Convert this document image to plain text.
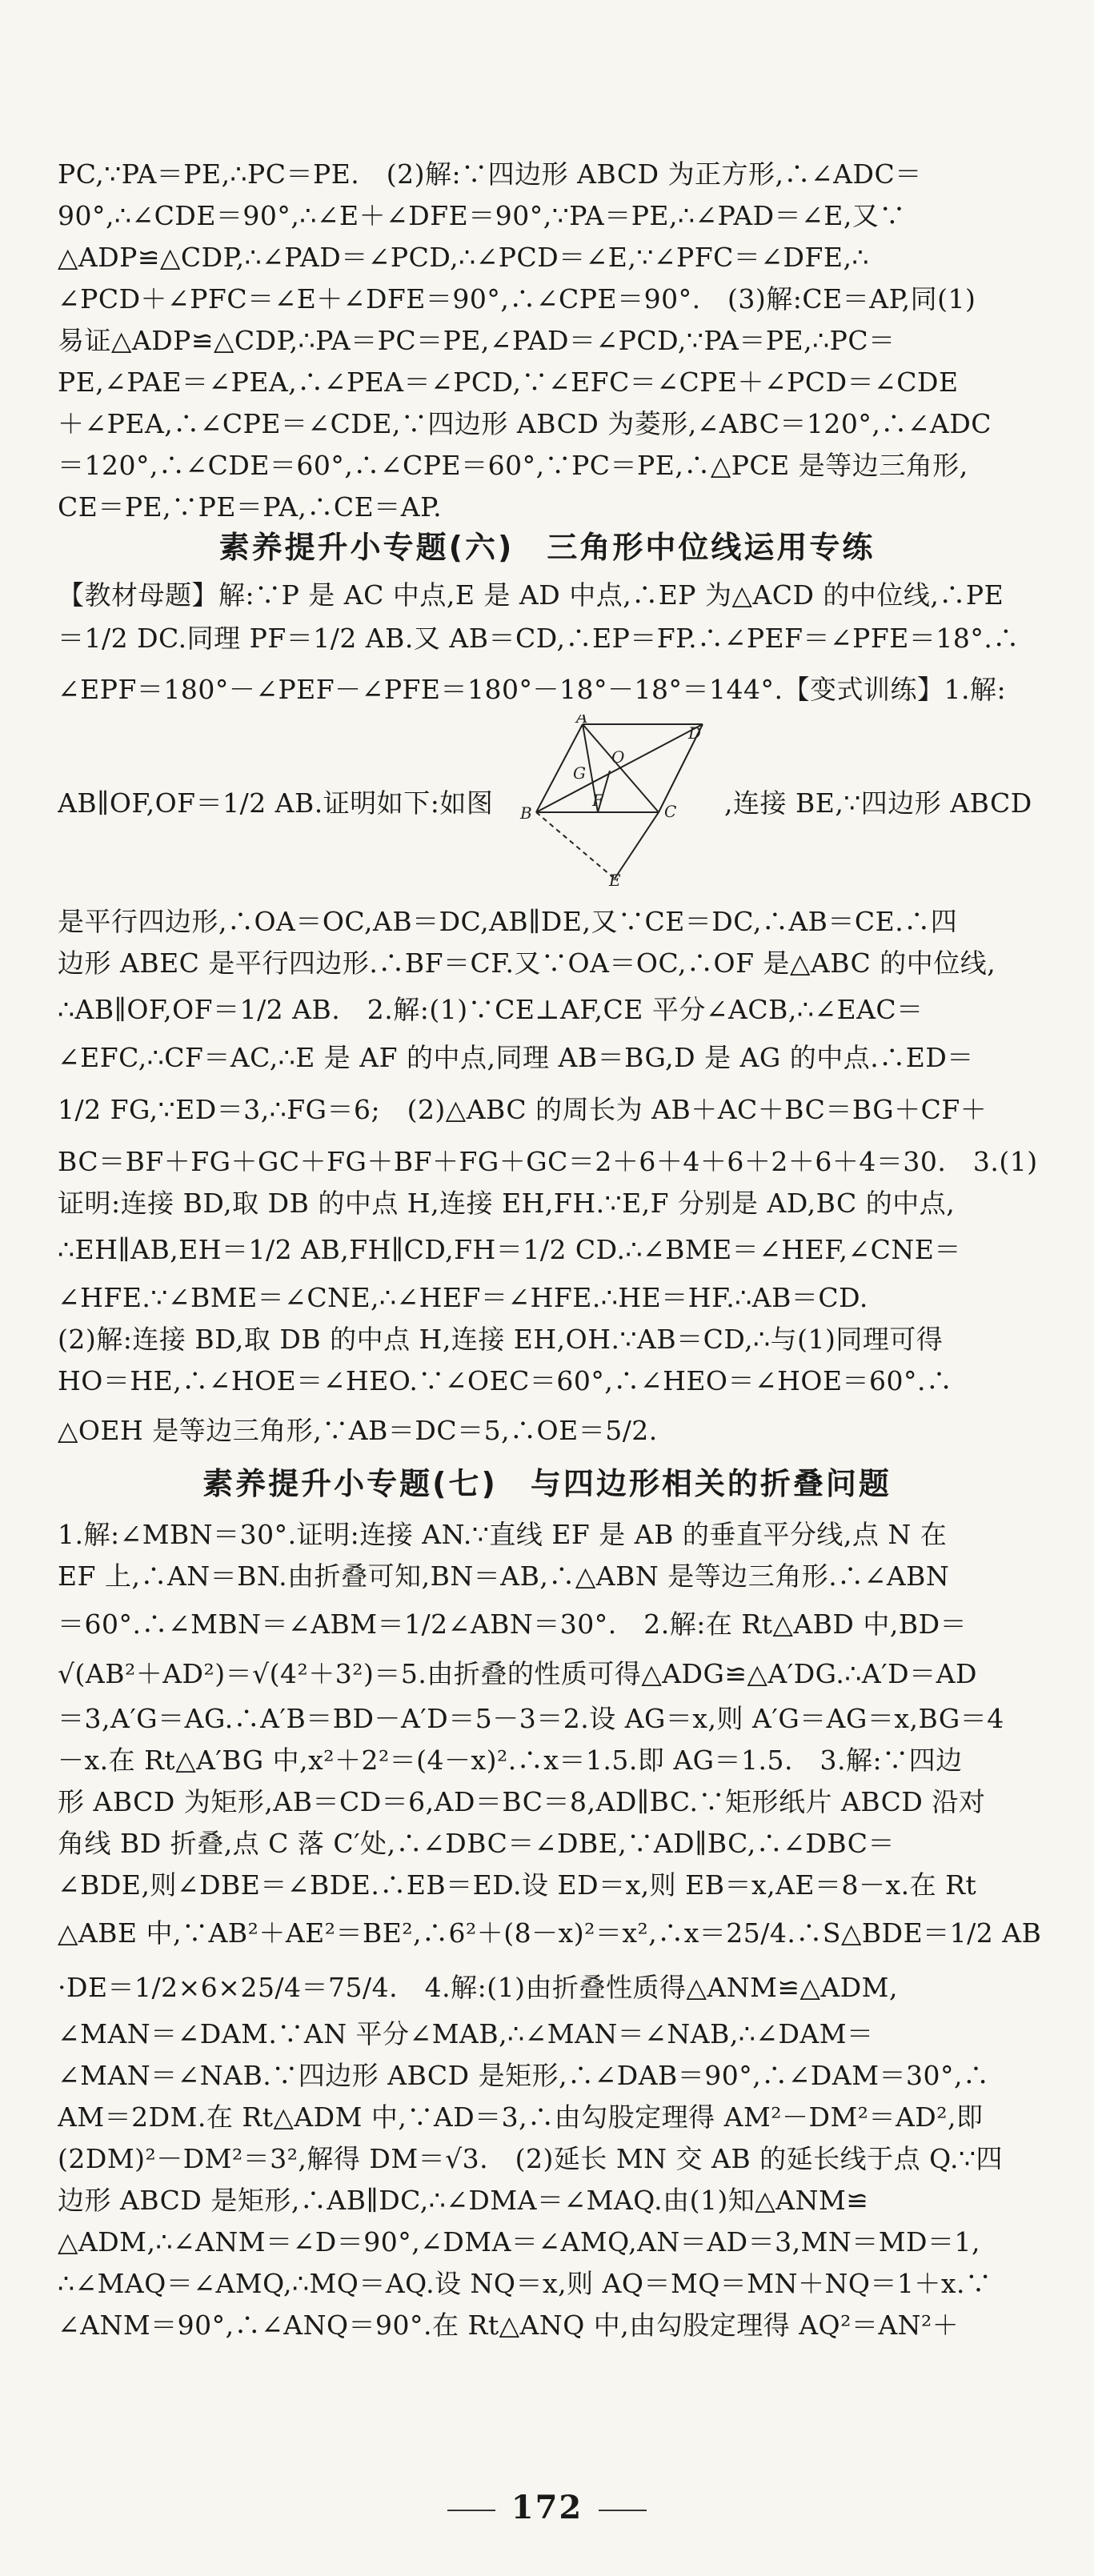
PC,∵PA＝PE,∴PC＝PE.　(2)解:∵四边形 ABCD 为正方形,∴∠ADC＝
90°,∴∠CDE＝90°,∴∠E＋∠DFE＝90°,∵PA＝PE,∴∠PAD＝∠E,又∵
△ADP≌△CDP,∴∠PAD＝∠PCD,∴∠PCD＝∠E,∵∠PFC＝∠DFE,∴
∠PCD＋∠PFC＝∠E＋∠DFE＝90°,∴∠CPE＝90°.　(3)解:CE＝AP,同(1)
易证△ADP≌△CDP,∴PA＝PC＝PE,∠PAD＝∠PCD,∵PA＝PE,∴PC＝
PE,∠PAE＝∠PEA,∴∠PEA＝∠PCD,∵∠EFC＝∠CPE＋∠PCD＝∠CDE
＋∠PEA,∴∠CPE＝∠CDE,∵四边形 ABCD 为菱形,∠ABC＝120°,∴∠ADC
＝120°,∴∠CDE＝60°,∴∠CPE＝60°,∵PC＝PE,∴△PCE 是等边三角形,
CE＝PE,∵PE＝PA,∴CE＝AP.
素养提升小专题(六)　三角形中位线运用专练
【教材母题】解:∵P 是 AC 中点,E 是 AD 中点,∴EP 为△ACD 的中位线,∴PE
＝1/2 DC.同理 PF＝1/2 AB.又 AB＝CD,∴EP＝FP.∴∠PEF＝∠PFE＝18°.∴
∠EPF＝180°－∠PEF－∠PFE＝180°－18°－18°＝144°.【变式训练】1.解:
AB∥OF,OF＝1/2 AB.证明如下:如图
A
D
B	C
E
F
G
O
,连接 BE,∵四边形 ABCD
是平行四边形,∴OA＝OC,AB＝DC,AB∥DE,又∵CE＝DC,∴AB＝CE.∴四
边形 ABEC 是平行四边形.∴BF＝CF.又∵OA＝OC,∴OF 是△ABC 的中位线,
∴AB∥OF,OF＝1/2 AB.　2.解:(1)∵CE⊥AF,CE 平分∠ACB,∴∠EAC＝
∠EFC,∴CF＝AC,∴E 是 AF 的中点,同理 AB＝BG,D 是 AG 的中点.∴ED＝
1/2 FG,∵ED＝3,∴FG＝6;　(2)△ABC 的周长为 AB＋AC＋BC＝BG＋CF＋
BC＝BF＋FG＋GC＋FG＋BF＋FG＋GC＝2＋6＋4＋6＋2＋6＋4＝30.　3.(1)
证明:连接 BD,取 DB 的中点 H,连接 EH,FH.∵E,F 分别是 AD,BC 的中点,
∴EH∥AB,EH＝1/2 AB,FH∥CD,FH＝1/2 CD.∴∠BME＝∠HEF,∠CNE＝
∠HFE.∵∠BME＝∠CNE,∴∠HEF＝∠HFE.∴HE＝HF.∴AB＝CD.
(2)解:连接 BD,取 DB 的中点 H,连接 EH,OH.∵AB＝CD,∴与(1)同理可得
HO＝HE,∴∠HOE＝∠HEO.∵∠OEC＝60°,∴∠HEO＝∠HOE＝60°.∴
△OEH 是等边三角形,∵AB＝DC＝5,∴OE＝5/2.
素养提升小专题(七)　与四边形相关的折叠问题
1.解:∠MBN＝30°.证明:连接 AN.∵直线 EF 是 AB 的垂直平分线,点 N 在
EF 上,∴AN＝BN.由折叠可知,BN＝AB,∴△ABN 是等边三角形.∴∠ABN
＝60°.∴∠MBN＝∠ABM＝1/2∠ABN＝30°.　2.解:在 Rt△ABD 中,BD＝
√(AB²＋AD²)＝√(4²＋3²)＝5.由折叠的性质可得△ADG≌△A′DG.∴A′D＝AD
＝3,A′G＝AG.∴A′B＝BD－A′D＝5－3＝2.设 AG＝x,则 A′G＝AG＝x,BG＝4
－x.在 Rt△A′BG 中,x²＋2²＝(4－x)².∴x＝1.5.即 AG＝1.5.　3.解:∵四边
形 ABCD 为矩形,AB＝CD＝6,AD＝BC＝8,AD∥BC.∵矩形纸片 ABCD 沿对
角线 BD 折叠,点 C 落 C′处,∴∠DBC＝∠DBE,∵AD∥BC,∴∠DBC＝
∠BDE,则∠DBE＝∠BDE.∴EB＝ED.设 ED＝x,则 EB＝x,AE＝8－x.在 Rt
△ABE 中,∵AB²＋AE²＝BE²,∴6²＋(8－x)²＝x²,∴x＝25/4.∴S△BDE＝1/2 AB
·DE＝1/2×6×25/4＝75/4.　4.解:(1)由折叠性质得△ANM≌△ADM,
∠MAN＝∠DAM.∵AN 平分∠MAB,∴∠MAN＝∠NAB,∴∠DAM＝
∠MAN＝∠NAB.∵四边形 ABCD 是矩形,∴∠DAB＝90°,∴∠DAM＝30°,∴
AM＝2DM.在 Rt△ADM 中,∵AD＝3,∴由勾股定理得 AM²－DM²＝AD²,即
(2DM)²－DM²＝3²,解得 DM＝√3.　(2)延长 MN 交 AB 的延长线于点 Q.∵四
边形 ABCD 是矩形,∴AB∥DC,∴∠DMA＝∠MAQ.由(1)知△ANM≌
△ADM,∴∠ANM＝∠D＝90°,∠DMA＝∠AMQ,AN＝AD＝3,MN＝MD＝1,
∴∠MAQ＝∠AMQ,∴MQ＝AQ.设 NQ＝x,则 AQ＝MQ＝MN＋NQ＝1＋x.∵
∠ANM＝90°,∴∠ANQ＝90°.在 Rt△ANQ 中,由勾股定理得 AQ²＝AN²＋
172
